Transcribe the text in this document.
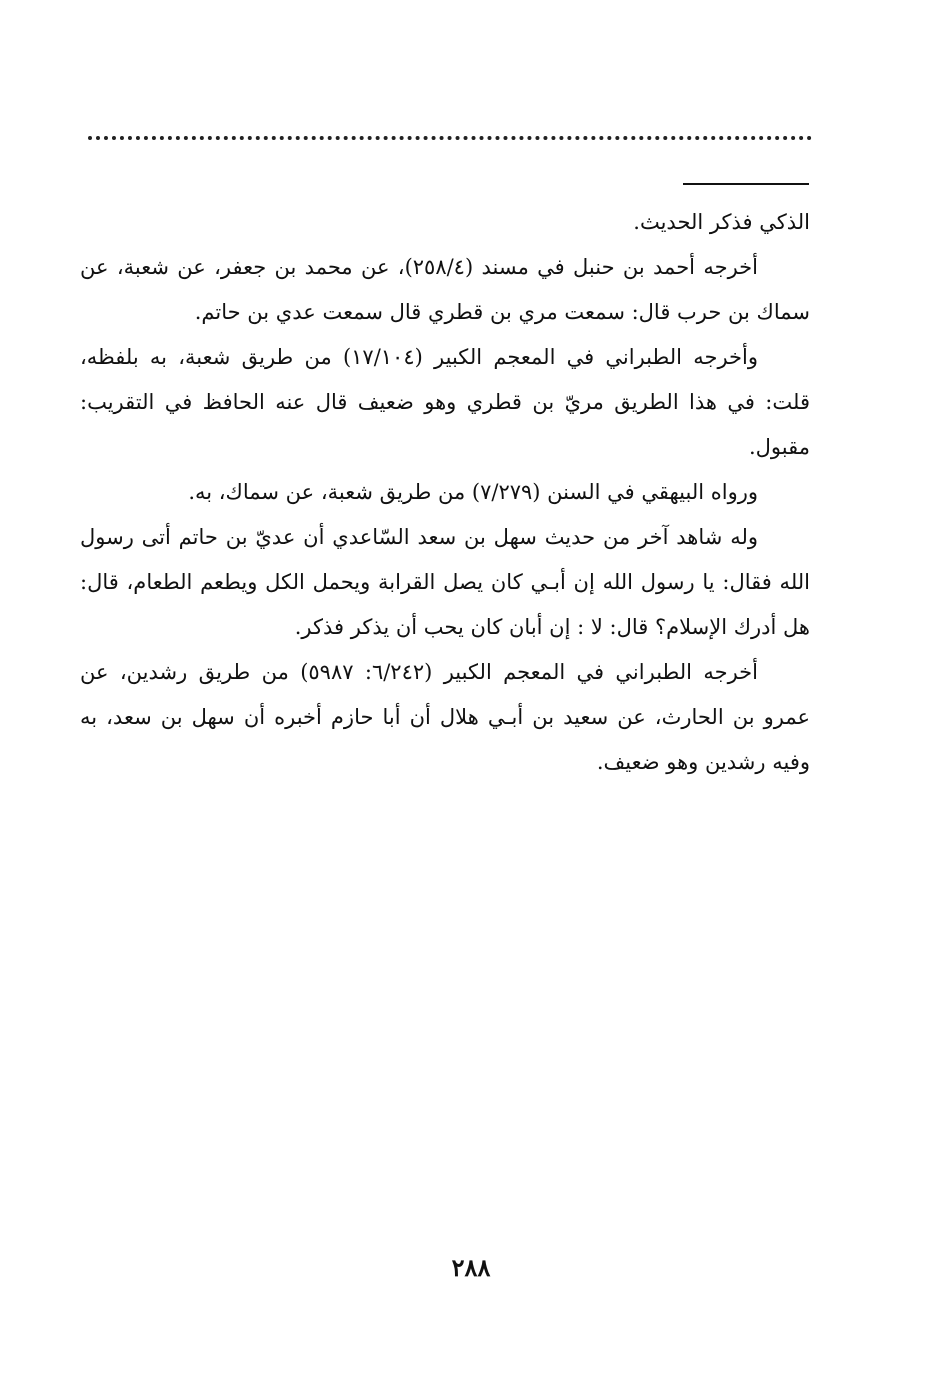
الذكي فذكر الحديث.

أخرجه أحمد بن حنبل في مسند (٢٥٨/٤)، عن محمد بن جعفر، عن شعبة، عن سماك بن حرب قال: سمعت مري بن قطري قال سمعت عدي بن حاتم.

وأخرجه الطبراني في المعجم الكبير (١٧/١٠٤) من طريق شعبة، به بلفظه، قلت: في هذا الطريق مريّ بن قطري وهو ضعيف قال عنه الحافظ في التقريب: مقبول.

ورواه البيهقي في السنن (٧/٢٧٩) من طريق شعبة، عن سماك، به.

وله شاهد آخر من حديث سهل بن سعد السّاعدي أن عديّ بن حاتم أتى رسول الله فقال: يا رسول الله إن أبـي كان يصل القرابة ويحمل الكل ويطعم الطعام، قال: هل أدرك الإسلام؟ قال: لا : إن أبان كان يحب أن يذكر فذكر.

أخرجه الطبراني في المعجم الكبير (٦/٢٤٢: ٥٩٨٧) من طريق رشدين، عن عمرو بن الحارث، عن سعيد بن أبـي هلال أن أبا حازم أخبره أن سهل بن سعد، به وفيه رشدين وهو ضعيف.

٢٨٨
